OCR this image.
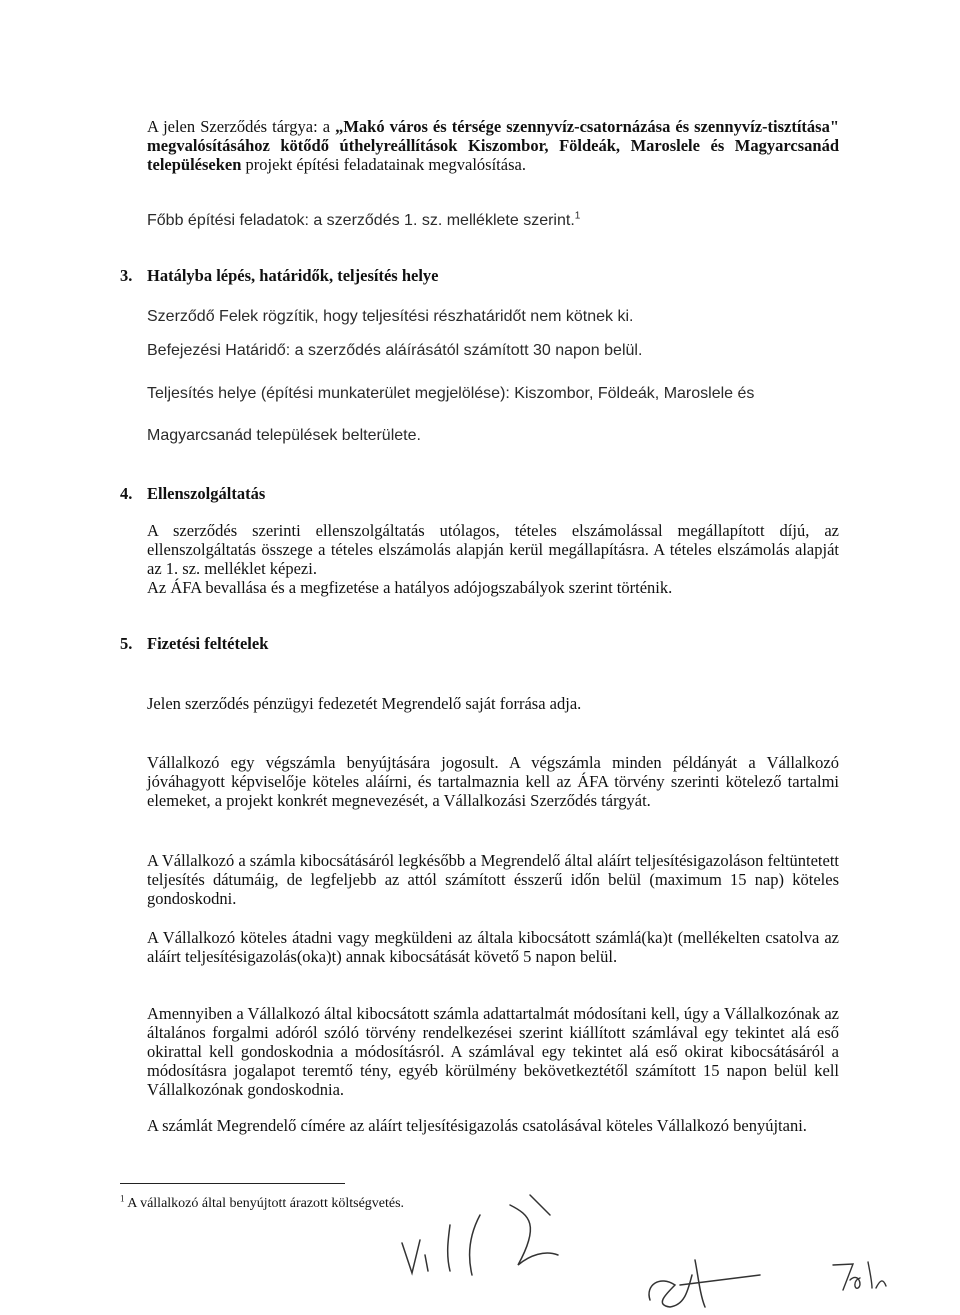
A jelen Szerződés tárgya: a „Makó város és térsége szennyvíz-csatornázása és szennyvíz-tisztítása" megvalósításához kötődő úthelyreállítások Kiszombor, Földeák, Maroslele és Magyarcsanád településeken projekt építési feladatainak megvalósítása.

Főbb építési feladatok: a szerződés 1. sz. melléklete szerint.$^1$

3. Hatályba lépés, határidők, teljesítés helye

Szerződő Felek rögzítik, hogy teljesítési részhatáridőt nem kötnek ki.

Befejezési Határidő: a szerződés aláírásától számított 30 napon belül.

Teljesítés helye (építési munkaterület megjelölése): Kiszombor, Földeák, Maroslele és

Magyarcsanád települések belterülete.

4. Ellenszolgáltatás

A szerződés szerinti ellenszolgáltatás utólagos, tételes elszámolással megállapított díjú, az ellenszolgáltatás összege a tételes elszámolás alapján kerül megállapításra. A tételes elszámolás alapját az 1. sz. melléklet képezi.

Az ÁFA bevallása és a megfizetése a hatályos adójogszabályok szerint történik.

5. Fizetési feltételek

Jelen szerződés pénzügyi fedezetét Megrendelő saját forrása adja.

Vállalkozó egy végszámla benyújtására jogosult. A végszámla minden példányát a Vállalkozó jóváhagyott képviselője köteles aláírni, és tartalmaznia kell az ÁFA törvény szerinti kötelező tartalmi elemeket, a projekt konkrét megnevezését, a Vállalkozási Szerződés tárgyát.

A Vállalkozó a számla kibocsátásáról legkésőbb a Megrendelő által aláírt teljesítésigazoláson feltüntetett teljesítés dátumáig, de legfeljebb az attól számított ésszerű időn belül (maximum 15 nap) köteles gondoskodni.

A Vállalkozó köteles átadni vagy megküldeni az általa kibocsátott számlá(ka)t (mellékelten csatolva az aláírt teljesítésigazolás(oka)t) annak kibocsátását követő 5 napon belül.

Amennyiben a Vállalkozó által kibocsátott számla adattartalmát módosítani kell, úgy a Vállalkozónak az általános forgalmi adóról szóló törvény rendelkezései szerint kiállított számlával egy tekintet alá eső okirattal kell gondoskodnia a módosításról. A számlával egy tekintet alá eső okirat kibocsátásáról a módosításra jogalapot teremtő tény, egyéb körülmény bekövetkeztétől számított 15 napon belül kell Vállalkozónak gondoskodnia.

A számlát Megrendelő címére az aláírt teljesítésigazolás csatolásával köteles Vállalkozó benyújtani.

$^1$ A vállalkozó által benyújtott árazott költségvetés.
